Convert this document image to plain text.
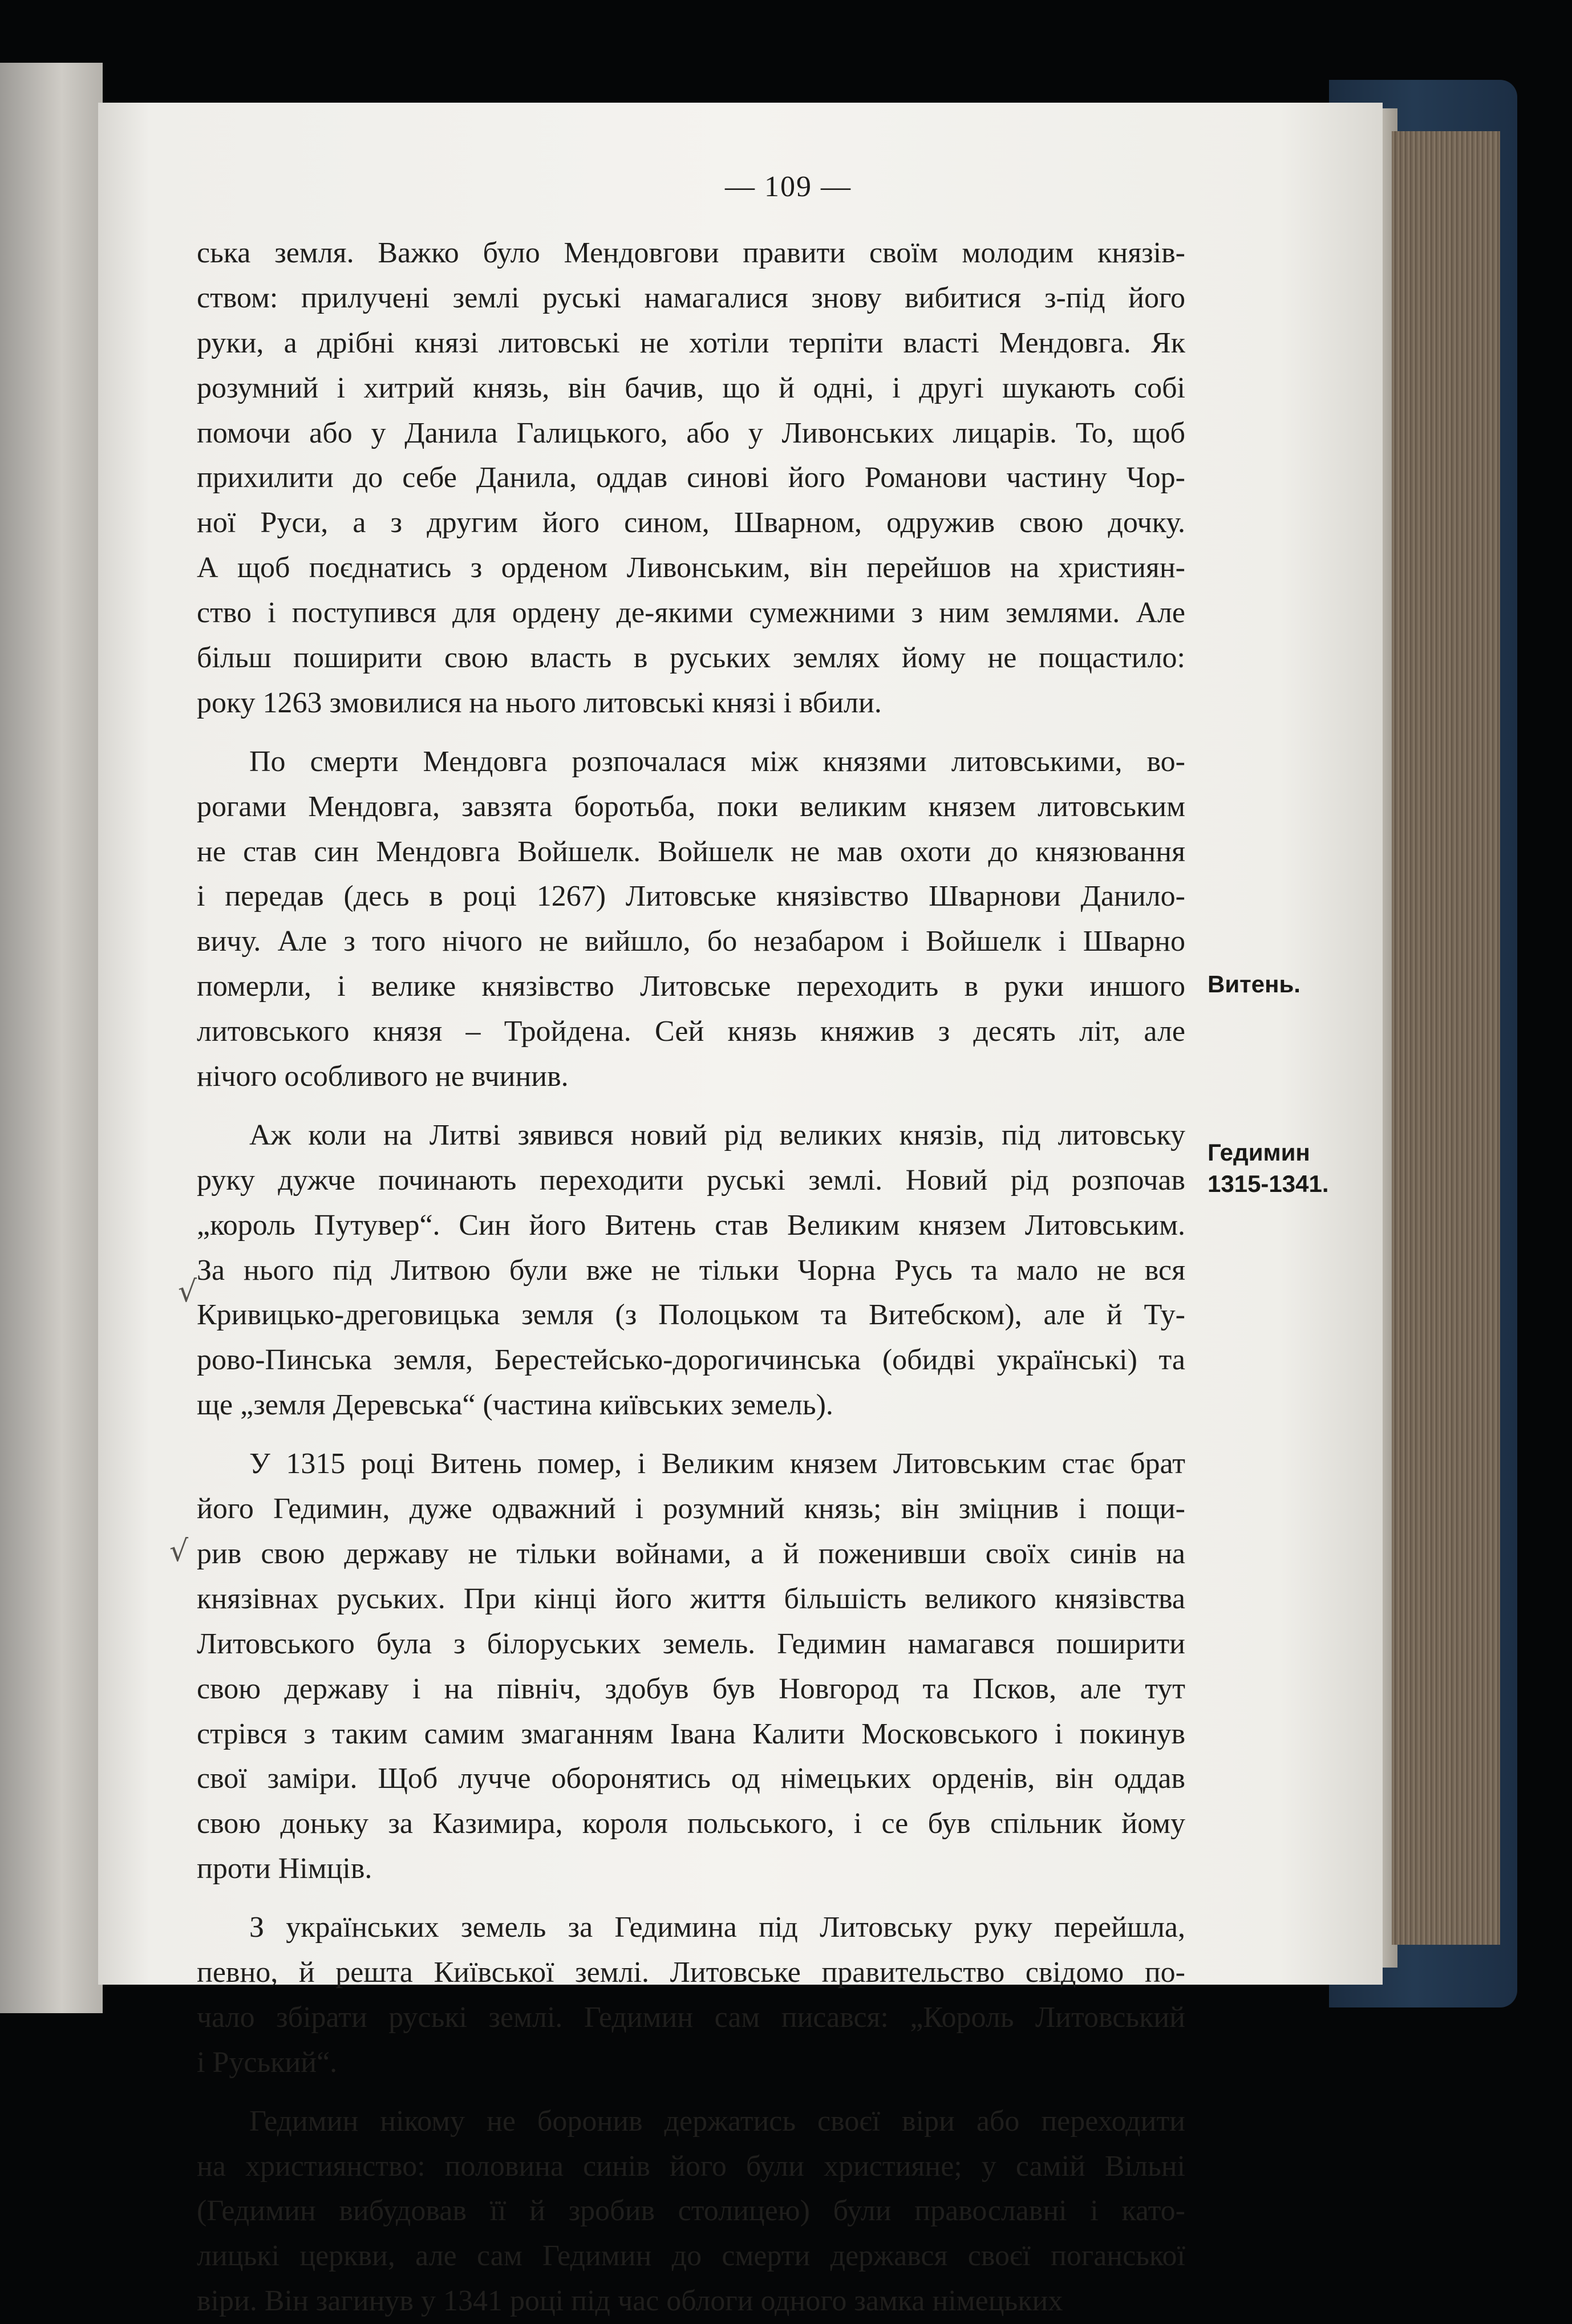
— 109 —
ська земля. Важко було Мендовгови правити своїм молодим князів-
ством: прилучені землі руські намагалися знову вибитися з-під його
руки, а дрібні князі литовські не хотіли терпіти власті Мендовга. Як
розумний і хитрий князь, він бачив, що й одні, і другі шукають собі
помочи або у Данила Галицького, або у Ливонських лицарів. То, щоб
прихилити до себе Данила, оддав синові його Романови частину Чор-
ної Руси, а з другим його сином, Шварном, одружив свою дочку.
А щоб поєднатись з орденом Ливонським, він перейшов на християн-
ство і поступився для ордену де-якими сумежними з ним землями. Але
більш поширити свою власть в руських землях йому не пощастило:
року 1263 змовилися на нього литовські князі і вбили.
По смерти Мендовга розпочалася між князями литовськими, во-
рогами Мендовга, завзята боротьба, поки великим князем литовським
не став син Мендовга Войшелк. Войшелк не мав охоти до князювання
і передав (десь в році 1267) Литовське князівство Шварнови Данило-
вичу. Але з того нічого не вийшло, бо незабаром і Войшелк і Шварно
померли, і велике князівство Литовське переходить в руки иншого
литовського князя – Тройдена. Сей князь княжив з десять літ, але
нічого особливого не вчинив.
Аж коли на Литві зявився новий рід великих князів, під литовську
руку дужче починають переходити руські землі. Новий рід розпочав
„король Путувер“. Син його Витень став Великим князем Литовським.
За нього під Литвою були вже не тільки Чорна Русь та мало не вся
Кривицько-дреговицька земля (з Полоцьком та Витебском), але й Ту-
рово-Пинська земля, Берестейсько-дорогичинська (обидві українські) та
ще „земля Деревська“ (частина київських земель).
У 1315 році Витень помер, і Великим князем Литовським стає брат
його Гедимин, дуже одважний і розумний князь; він зміцнив і пощи-
рив свою державу не тільки войнами, а й поженивши своїх синів на
князівнах руських. При кінці його життя більшість великого князівства
Литовського була з білоруських земель. Гедимин намагався поширити
свою державу і на північ, здобув був Новгород та Псков, але тут
стрівся з таким самим змаганням Івана Калити Московського і покинув
свої заміри. Щоб лучче оборонятись од німецьких орденів, він оддав
свою доньку за Казимира, короля польського, і се був спільник йому
проти Німців.
З українських земель за Гедимина під Литовську руку перейшла,
певно, й решта Київської землі. Литовське правительство свідомо по-
чало збірати руські землі. Гедимин сам писався: „Король Литовський
і Руський“.
Гедимин нікому не боронив держатись своєї віри або переходити
на християнство: половина синів його були християне; у самій Вільні
(Гедимин вибудовав її й зробив столицею) були православні і като-
лицькі церкви, але сам Гедимин до смерти держався своєї поганської
віри. Він загинув у 1341 році під час облоги одного замка німецьких
Витень.
Гедимин
1315-1341.
√
√
